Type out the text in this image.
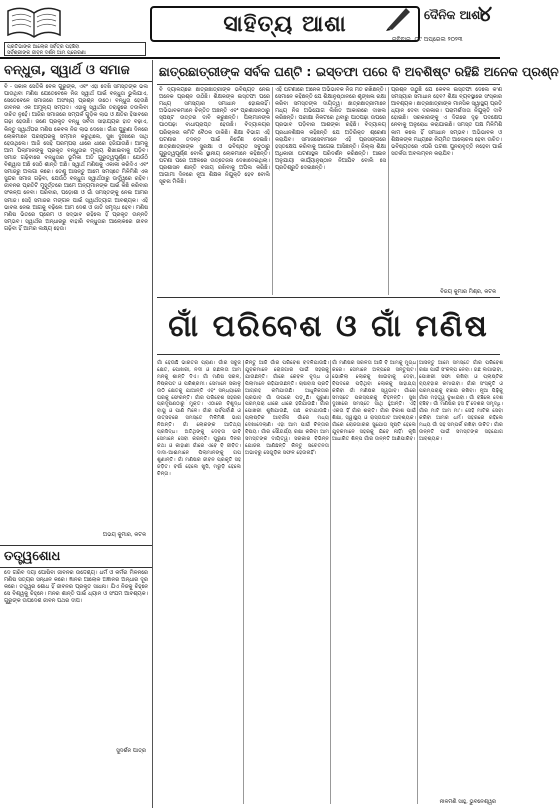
ପ୍ରତିଭାଙ୍କ ଆଲୋକ ସର୍ବତ୍ର ପହଞ୍ଚିବା
ସର୍ବଶ୍ରୀଙ୍କ ଜୀବନ ଦର୍ଶନ ଆମ ପ୍ରେରଣା
ସାହିତ୍ୟ ଆଶା	ଦୈନିକ ଆଶା
୪
ରବିବାର, ୦୯ ଅପ୍ରେଲ ୨୦୨୩
ବନ୍ଧୁତା, ସ୍ୱାର୍ଥ ଓ ସମାଜ
ବି - ସକାଳ ସେତିକି ବେଳ ଗୁରୁଙ୍କ, ଏବଂ ଏହା ଦେଖି ସମସ୍ତଙ୍କ ଭଲ ପାଉଥିବା ମଣିଷ ଯେତେବେଳେ ନିଜ ସ୍ୱାର୍ଥ ପାଇଁ ବନ୍ଧୁତା ଭୁଲିଯାଏ, ସେତେବେଳେ ସମାଜରେ ଅସଂଖ୍ୟ ପ୍ରଶ୍ନ ଉଠେ। ବନ୍ଧୁତା ହେଉଛି ଜୀବନର ଏକ ଅମୂଲ୍ୟ ସମ୍ପଦ। ଏହାକୁ ସ୍ୱାର୍ଥର ତରାଜୁରେ ତଉଲିବା ଉଚିତ ନୁହେଁ। ଆଜିର ସମାଜରେ ସମ୍ପର୍କ ଗୁଡ଼ିକ ଲାଭ ଓ କ୍ଷତିର ହିସାବରେ ଗଢ଼ା ହେଉଛି। ଜଣେ ପ୍ରକୃତ ବନ୍ଧୁ ସର୍ବଦା ସାହାଯ୍ୟର ହାତ ବଢ଼ାଏ, କିନ୍ତୁ ସ୍ୱାର୍ଥପର ମଣିଷ କେବଳ ନିଜ ଲାଭ ଦେଖେ। ଗାଁର ପୁରୁଣା ଦିନରେ ଲୋକମାନେ ପରସ୍ପରକୁ ସମ୍ମାନ କରୁଥିଲେ, ସୁଖ ଦୁଃଖରେ ସାଥି ହେଉଥିଲେ। ଆଜି ସେହି ପରମ୍ପରା ଧୀରେ ଧୀରେ ହଜିଯାଉଛି। ଆମକୁ ଆମ ପିଲାମାନଙ୍କୁ ପ୍ରକୃତ ବନ୍ଧୁତାର ମୂଲ୍ୟ ଶିଖାଇବାକୁ ପଡ଼ିବ। ସମାଜ ଗଢ଼ିବାରେ ବନ୍ଧୁତାର ଭୂମିକା ଅତି ଗୁରୁତ୍ୱପୂର୍ଣ୍ଣ। ଯେଉଁଠି ବିଶ୍ୱାସ ଅଛି ସେଠି ଶାନ୍ତି ଅଛି। ସ୍ୱାର୍ଥ ମଣିଷକୁ ଏକାକୀ କରିଦିଏ ଏବଂ ସମାଜରୁ ଅଲଗା କରେ। ତେଣୁ ଆସନ୍ତୁ ଆମେ ସମସ୍ତେ ମିଳିମିଶି ଏକ ସୁନ୍ଦର ସମାଜ ଗଢ଼ିବା, ଯେଉଁଠି ବନ୍ଧୁତା ସ୍ୱାର୍ଥଠାରୁ ଊର୍ଦ୍ଧ୍ୱରେ ରହିବ। ଜୀବନର ପ୍ରତିଟି ମୁହୂର୍ତ୍ତରେ ଆମେ ଅନ୍ୟମାନଙ୍କ ପାଇଁ କିଛି କରିବାର ସଂକଳ୍ପ ନେବା। ପରିବାର, ପଡ଼ୋଶୀ ଓ ଗାଁ ସମସ୍ତଙ୍କୁ ନେଇ ଆମର ସମାଜ। ସେହି ସମାଜର ମଙ୍ଗଳ ପାଇଁ ସ୍ୱାର୍ଥତ୍ୟାଗ ଆବଶ୍ୟକ। ଏହି ଭାବନା ନେଇ ଆଗକୁ ବଢ଼ିଲେ ଆମ ଦେଶ ଓ ଜାତି ସମୃଦ୍ଧ ହେବ। ମଣିଷ ମଣିଷ ଭିତରେ ପ୍ରେମ ଓ ସଦ୍ଭାବ ରହିଲେ ହିଁ ପ୍ରକୃତ ଉନ୍ନତି ସମ୍ଭବ। ସ୍ୱାର୍ଥର ଅନ୍ଧାରରୁ ବାହାରି ବନ୍ଧୁତାର ଆଲୋକରେ ଜୀବନ ଗଢ଼ିବା ହିଁ ଆମର ଲକ୍ଷ୍ୟ ହେଉ।
ଅଭୟ କୁମାର, କଟକ
ତତ୍ତ୍ୱଶୋଧ
ଦେ ଗରିବ ଦୟା ପୋଷିବା ଜୀବନର ଉଦ୍ଦେଶ୍ୟ। ଧର୍ମ ଓ କର୍ମର ମିଳନରେ ମଣିଷ ସତ୍ୟର ସନ୍ଧାନ କରେ। ଜ୍ଞାନର ଆଲୋକ ଅଜ୍ଞାନର ଅନ୍ଧାର ଦୂର କରେ। ତତ୍ତ୍ୱର ଶୋଧ ହିଁ ଜୀବନର ପ୍ରକୃତ ସାଧନା। ଯିଏ ନିଜକୁ ଚିହ୍ନେ ସେ ବିଶ୍ୱକୁ ଚିହ୍ନେ। ମନର ଶାନ୍ତି ପାଇଁ ଧ୍ୟାନ ଓ ସଂଯମ ଆବଶ୍ୟକ। ଗୁରୁଙ୍କ ଉପଦେଶ ଜୀବନ ପଥର ଦୀପ।
ସୁଦର୍ଶନ ପାତ୍ର
ଛାତ୍ରଛାତ୍ରୀଙ୍କ ସର୍ବକ ଘଣ୍ଟି : ଇସ୍ତଫା ପରେ ବି ଅବଶିଷ୍ଟ ରହିଛି ଅନେକ ପ୍ରଶ୍ନ
ବି ଦ୍ୟାଳୟରେ ଛାତ୍ରଛାତ୍ରୀଙ୍କ ଭବିଷ୍ୟତ ନେଇ ଅନେକ ପ୍ରଶ୍ନ ଉଠିଛି। ଶିକ୍ଷକଙ୍କ ଇସ୍ତଫା ପରେ ମଧ୍ୟ ସମସ୍ୟାର ସମାଧାନ ହୋଇନାହିଁ। ଅଭିଭାବକମାନେ ଚିନ୍ତିତ ଅଛନ୍ତି ଏବଂ ପ୍ରଶାସନଠାରୁ ସ୍ପଷ୍ଟ ଉତ୍ତର ଦାବି କରୁଛନ୍ତି। ପିଲାମାନଙ୍କ ପାଠପଢ଼ା ବାଧାପ୍ରାପ୍ତ ହେଉଛି। ବିଦ୍ୟାଳୟର ପରିଚାଳନା କମିଟି ବୈଠକ ଡାକିଛି। ଶିକ୍ଷା ବିଭାଗ ଏହି ଘଟଣାର ତଦନ୍ତ ପାଇଁ ନିର୍ଦ୍ଦେଶ ଦେଇଛି। ଛାତ୍ରଛାତ୍ରୀଙ୍କ ସୁରକ୍ଷା ଓ ଭବିଷ୍ୟତ ସବୁଠାରୁ ଗୁରୁତ୍ୱପୂର୍ଣ୍ଣ ବୋଲି ସ୍ଥାନୀୟ ଲୋକମାନେ କହିଛନ୍ତି। ଘଟଣା ପରେ ଅଞ୍ଚଳରେ ଉତ୍ତେଜନା ଦେଖାଦେଇଥିଲା। ପ୍ରଶାସନ ଶାନ୍ତି ବଜାୟ ରଖିବାକୁ ଅପିଲ କରିଛି। ଆଗାମୀ ଦିନରେ ନୂଆ ଶିକ୍ଷକ ନିଯୁକ୍ତି ହେବ ବୋଲି ସୂଚନା ମିଳିଛି।
ଏହି ଘଟଣାରେ ଅନେକ ଅଭିଭାବକ ନିଜ ମତ ରଖିଛନ୍ତି। ସେମାନେ କହିଛନ୍ତି ଯେ ଶିକ୍ଷାନୁଷ୍ଠାନରେ ଶୃଙ୍ଖଳା ରକ୍ଷା କରିବା ସମସ୍ତଙ୍କ ଦାୟିତ୍ୱ। ଛାତ୍ରଛାତ୍ରୀମାନେ ମଧ୍ୟ ନିଜ ଅଭିଯୋଗ ଲିଖିତ ଆକାରରେ ଦାଖଲ କରିଛନ୍ତି। ପରୀକ୍ଷା ନିକଟରେ ଥିବାରୁ ପାଠପଢ଼ା ଉପରେ ପ୍ରଭାବ ପଡ଼ିବାର ଆଶଙ୍କା ରହିଛି। ବିଦ୍ୟାଳୟ ପ୍ରଧାନଶିକ୍ଷକ କହିଛନ୍ତି ଯେ ଅତିରିକ୍ତ ଶ୍ରେଣୀ କରାଯିବ। ସମାଜସେବୀମାନେ ଏହି ପ୍ରସଙ୍ଗରେ ହସ୍ତକ୍ଷେପ କରିବାକୁ ଆଗେଇ ଆସିଛନ୍ତି। ଜିଲ୍ଲା ଶିକ୍ଷା ଅଧିକାରୀ ଘଟଣାସ୍ଥଳ ପରିଦର୍ଶନ କରିଛନ୍ତି। ଆଇନ ଅନୁଯାୟୀ କାର୍ଯ୍ୟାନୁଷ୍ଠାନ ନିଆଯିବ ବୋଲି ସେ ପ୍ରତିଶ୍ରୁତି ଦେଇଛନ୍ତି।
ପ୍ରଶ୍ନ ଉଠୁଛି ଯେ କେବଳ ଇସ୍ତଫା ଦେଲେ କ'ଣ ସମସ୍ୟାର ସମାଧାନ ହେବ? ଶିକ୍ଷା ବ୍ୟବସ୍ଥାରେ ସଂସ୍କାର ଆବଶ୍ୟକ। ଛାତ୍ରଛାତ୍ରୀଙ୍କ ମାନସିକ ସ୍ୱାସ୍ଥ୍ୟ ପ୍ରତି ଧ୍ୟାନ ଦେବା ଦରକାର। ପରାମର୍ଶଦାତା ନିଯୁକ୍ତି ଦାବି ହୋଇଛି। ସରକାରଙ୍କୁ ଏ ଦିଗରେ ଦୃଢ଼ ପଦକ୍ଷେପ ନେବାକୁ ଅନୁରୋଧ କରାଯାଇଛି। ସମସ୍ତ ପକ୍ଷ ମିଳିମିଶି କାମ କଲେ ହିଁ ସମାଧାନ ସମ୍ଭବ। ଅଭିଭାବକ ଓ ଶିକ୍ଷକଙ୍କ ମଧ୍ୟରେ ନିୟମିତ ଆଲୋଚନା ହେବା ଉଚିତ। ଭବିଷ୍ୟତରେ ଏପରି ଘଟଣା ପୁନରାବୃତ୍ତି ନହେବା ପାଇଁ ସତର୍କତା ଅବଲମ୍ବନ କରାଯିବ।
ବିଜୟ କୁମାର ମିଶ୍ର, କଟକ
ଗାଁ ପରିବେଶ ଓ ଗାଁ ମଣିଷ
ଗାଁ ହେଉଛି ଭାରତର ପ୍ରାଣ। ଗାଁର ସବୁଜ କ୍ଷେତ, ପୋଖରୀ, ନଦୀ ଓ ଗଛଲତା ଆମ ମନକୁ ଶାନ୍ତି ଦିଏ। ଗାଁ ମଣିଷ ସରଳ, ନିଷ୍କପଟ ଓ ପରିଶ୍ରମୀ। ସେମାନେ ସକାଳୁ ଉଠି କ୍ଷେତକୁ ଯାଆନ୍ତି ଏବଂ ସନ୍ଧ୍ୟାରେ ଘରକୁ ଫେରନ୍ତି। ଗାଁର ପରିବେଶ ସହରର ପ୍ରଦୂଷଣଠାରୁ ମୁକ୍ତ। ଏଠାରେ ବିଶୁଦ୍ଧ ବାୟୁ ଓ ପାଣି ମିଳେ। ଗାଁର ପର୍ବପର୍ବାଣି ଓ ଉତ୍ସବରେ ସମସ୍ତେ ମିଳିମିଶି ଭାଗ ନିଅନ୍ତି। ଗାଁ ଲୋକଙ୍କ ଆତିଥ୍ୟ ପ୍ରସିଦ୍ଧ। ଅତିଥିଙ୍କୁ ଦେବତା ଭାବି ସେମାନେ ସେବା କରନ୍ତି। ପୁରୁଣା ଦିନର କଥା ଓ କାହାଣୀ ଗାଁରେ ଏବେ ବି ଜୀବିତ। ଦାଦା-ଆଈମାନେ ପିଲାମାନଙ୍କୁ ଗପ ଶୁଣାନ୍ତି। ଗାଁ ମଣିଷର ଜୀବନ ପ୍ରକୃତି ସହ ଜଡ଼ିତ। ବର୍ଷା ହେଲେ ଖୁସି, ମରୁଡ଼ି ହେଲେ ଚିନ୍ତା।
କିନ୍ତୁ ଆଜି ଗାଁର ପରିବେଶ ବଦଳିଯାଉଛି। ଯୁବକମାନେ ରୋଜଗାର ପାଇଁ ସହରକୁ ଯାଉଛନ୍ତି। ଗାଁରେ କେବଳ ବୃଦ୍ଧ ଓ ପିଲାମାନେ ରହିଯାଉଛନ୍ତି। ଚାଷବାସ ପ୍ରତି ଆଗ୍ରହ କମିଯାଉଛି। ଆଧୁନିକତାର ପ୍ରଭାବ ଗାଁ ଉପରେ ପଡ଼ୁଛି। ପୁରୁଣା ପରମ୍ପରା ଧୀରେ ଧୀରେ ହଜିଯାଉଛି। ଗାଁର ପୋଖରୀ ଶୁଖିଯାଉଛି, ଗଛ କଟାଯାଉଛି। ପ୍ଲାଷ୍ଟିକ ଆବର୍ଜନା ଗାଁରେ ମଧ୍ୟ ଦେଖାଦେଲାଣି। ଏହା ଆମ ପାଇଁ ଚିନ୍ତାର ବିଷୟ। ଗାଁର ସୌନ୍ଦର୍ଯ୍ୟ ରକ୍ଷା କରିବା ଆମ ସମସ୍ତଙ୍କ ଦାୟିତ୍ୱ। ସରକାର ବିଭିନ୍ନ ଯୋଜନା ଆଣିଛନ୍ତି କିନ୍ତୁ ସଚେତନତା ଅଭାବରୁ ସେଗୁଡ଼ିକ ସଫଳ ହେଉନାହିଁ।
ଗାଁ ମଣିଷର ସରଳତା ଆଜି ବି ଆମକୁ ମୁଗ୍ଧ କରେ। ସେମାନେ ଅଳ୍ପରେ ସନ୍ତୁଷ୍ଟ। ଭୋକିଲା ଲୋକକୁ ଖାଇବାକୁ ଦେବା, ବିପଦରେ ପଡ଼ିଥିବା ଲୋକକୁ ସାହାଯ୍ୟ କରିବା ଗାଁ ମଣିଷର ସ୍ୱଭାବ। ଗାଁରେ ସମସ୍ତେ ପରସ୍ପରକୁ ଚିହ୍ନନ୍ତି। ସୁଖ ଦୁଃଖରେ ସମସ୍ତେ ସାଥି ହୁଅନ୍ତି। ଏହି ଏକତା ହିଁ ଗାଁର ଶକ୍ତି। ଗାଁର ବିକାଶ ପାଇଁ ଶିକ୍ଷା, ସ୍ୱାସ୍ଥ୍ୟ ଓ ରାସ୍ତାଘାଟ ଆବଶ୍ୟକ। ଗାଁରେ ରୋଜଗାରର ସୁଯୋଗ ସୃଷ୍ଟି ହେଲେ ଯୁବକମାନେ ସହରକୁ ଯିବେ ନାହିଁ। କୃଷି ଆଧାରିତ ଶିଳ୍ପ ଗାଁର ଉନ୍ନତି ଆଣିପାରିବ।
ଆସନ୍ତୁ ଆମେ ସମସ୍ତେ ଗାଁର ପରିବେଶ ରକ୍ଷା ପାଇଁ ସଂକଳ୍ପ ନେବା। ଗଛ ଲଗାଇବା, ପୋଖରୀ ସଫା ରଖିବା ଓ ପ୍ଲାଷ୍ଟିକ ବ୍ୟବହାର କମାଇବା। ଗାଁର ସଂସ୍କୃତି ଓ ପରମ୍ପରାକୁ ବଞ୍ଚାଇ ରଖିବା। ନୂଆ ପିଢ଼ିକୁ ଗାଁର ମହତ୍ତ୍ୱ ବୁଝାଇବା। ଗାଁ ବଞ୍ଚିଲେ ଦେଶ ବଞ୍ଚିବ। ଗାଁ ମଣିଷର ହସ ହିଁ ଦେଶର ସମୃଦ୍ଧି। ଗାଁର ମାଟି ଆମ ମା'। ସେହି ମାଟିର ସେବା କରିବା ଆମର ଧର୍ମ। ସହରରେ ରହିଲେ ମଧ୍ୟ ଗାଁ ସହ ସମ୍ପର୍କ ରଖିବା ଉଚିତ। ଗାଁର ଉନ୍ନତି ପାଇଁ ସମସ୍ତଙ୍କ ସହଯୋଗ ଆବଶ୍ୟକ।
ନୀଳମଣି ସାହୁ, ଭୁବନେଶ୍ୱର
